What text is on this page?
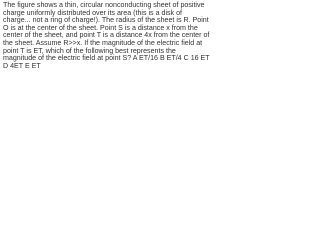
The figure shows a thin, circular nonconducting sheet of positive charge uniformly distributed over its area (this is a disk of charge... not a ring of charge!). The radius of the sheet is R. Point O is at the center of the sheet. Point S is a distance x from the center of the sheet, and point T is a distance 4x from the center of the sheet. Assume R>>x. If the magnitude of the electric field at point T is ET, which of the following best represents the magnitude of the electric field at point S? A ET/16 B ET/4 C 16 ET D 4ET E ET
